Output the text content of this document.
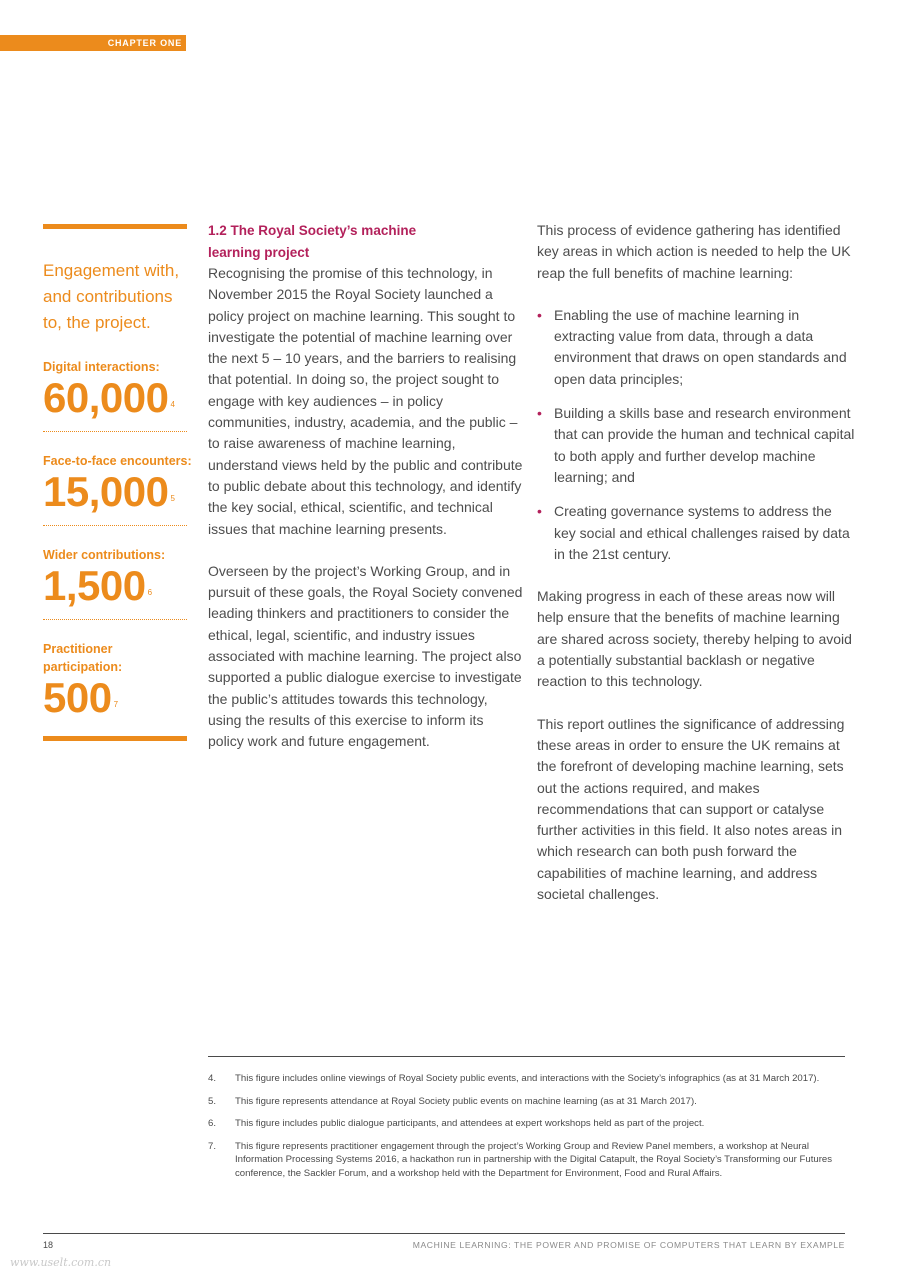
CHAPTER ONE
Engagement with, and contributions to, the project.
Digital interactions:
60,000 4
Face-to-face encounters:
15,000 5
Wider contributions:
1,500 6
Practitioner
participation:
500 7
1.2 The Royal Society’s machine
learning project

Recognising the promise of this technology, in November 2015 the Royal Society launched a policy project on machine learning. This sought to investigate the potential of machine learning over the next 5 – 10 years, and the barriers to realising that potential. In doing so, the project sought to engage with key audiences – in policy communities, industry, academia, and the public – to raise awareness of machine learning, understand views held by the public and contribute to public debate about this technology, and identify the key social, ethical, scientific, and technical issues that machine learning presents.

Overseen by the project’s Working Group, and in pursuit of these goals, the Royal Society convened leading thinkers and practitioners to consider the ethical, legal, scientific, and industry issues associated with machine learning. The project also supported a public dialogue exercise to investigate the public’s attitudes towards this technology, using the results of this exercise to inform its policy work and future engagement.

This process of evidence gathering has identified key areas in which action is needed to help the UK reap the full benefits of machine learning:

• Enabling the use of machine learning in extracting value from data, through a data environment that draws on open standards and open data principles;
• Building a skills base and research environment that can provide the human and technical capital to both apply and further develop machine learning; and
• Creating governance systems to address the key social and ethical challenges raised by data in the 21st century.

Making progress in each of these areas now will help ensure that the benefits of machine learning are shared across society, thereby helping to avoid a potentially substantial backlash or negative reaction to this technology.

This report outlines the significance of addressing these areas in order to ensure the UK remains at the forefront of developing machine learning, sets out the actions required, and makes recommendations that can support or catalyse further activities in this field. It also notes areas in which research can both push forward the capabilities of machine learning, and address societal challenges.

4.	This figure includes online viewings of Royal Society public events, and interactions with the Society’s infographics (as at 31 March 2017).
5.	This figure represents attendance at Royal Society public events on machine learning (as at 31 March 2017).
6.	This figure includes public dialogue participants, and attendees at expert workshops held as part of the project.
7.	This figure represents practitioner engagement through the project’s Working Group and Review Panel members, a workshop at Neural Information Processing Systems 2016, a hackathon run in partnership with the Digital Catapult, the Royal Society’s Transforming our Futures conference, the Sackler Forum, and a workshop held with the Department for Environment, Food and Rural Affairs.
18	MACHINE LEARNING: THE POWER AND PROMISE OF COMPUTERS THAT LEARN BY EXAMPLE
www.uselt.com.cn
